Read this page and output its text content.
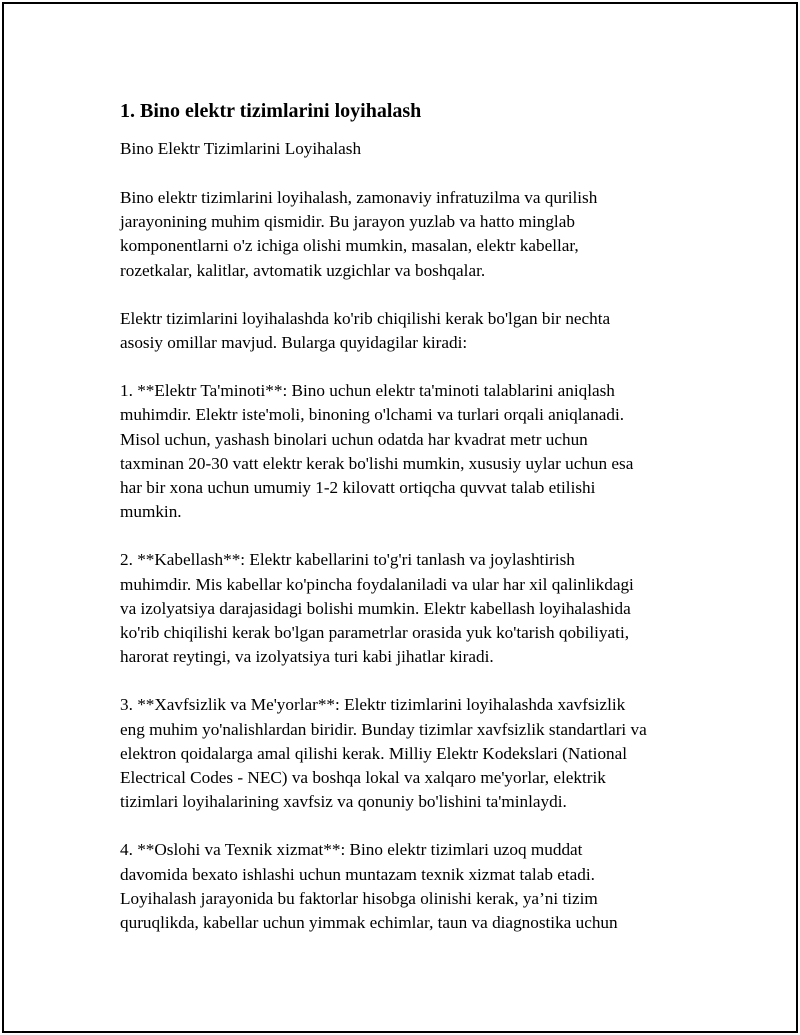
1. Bino elektr tizimlarini loyihalash
Bino Elektr Tizimlarini Loyihalash

Bino elektr tizimlarini loyihalash, zamonaviy infratuzilma va qurilish
jarayonining muhim qismidir. Bu jarayon yuzlab va hatto minglab
komponentlarni o'z ichiga olishi mumkin, masalan, elektr kabellar,
rozetkalar, kalitlar, avtomatik uzgichlar va boshqalar.

Elektr tizimlarini loyihalashda ko'rib chiqilishi kerak bo'lgan bir nechta
asosiy omillar mavjud. Bularga quyidagilar kiradi:

1. **Elektr Ta'minoti**: Bino uchun elektr ta'minoti talablarini aniqlash
muhimdir. Elektr iste'moli, binoning o'lchami va turlari orqali aniqlanadi.
Misol uchun, yashash binolari uchun odatda har kvadrat metr uchun
taxminan 20-30 vatt elektr kerak bo'lishi mumkin, xususiy uylar uchun esa
har bir xona uchun umumiy 1-2 kilovatt ortiqcha quvvat talab etilishi
mumkin.

2. **Kabellash**: Elektr kabellarini to'g'ri tanlash va joylashtirish
muhimdir. Mis kabellar ko'pincha foydalaniladi va ular har xil qalinlikdagi
va izolyatsiya darajasidagi bolishi mumkin. Elektr kabellash loyihalashida
ko'rib chiqilishi kerak bo'lgan parametrlar orasida yuk ko'tarish qobiliyati,
harorat reytingi, va izolyatsiya turi kabi jihatlar kiradi.

3. **Xavfsizlik va Me'yorlar**: Elektr tizimlarini loyihalashda xavfsizlik
eng muhim yo'nalishlardan biridir. Bunday tizimlar xavfsizlik standartlari va
elektron qoidalarga amal qilishi kerak. Milliy Elektr Kodekslari (National
Electrical Codes - NEC) va boshqa lokal va xalqaro me'yorlar, elektrik
tizimlari loyihalarining xavfsiz va qonuniy bo'lishini ta'minlaydi.

4. **Oslohi va Texnik xizmat**: Bino elektr tizimlari uzoq muddat
davomida bexato ishlashi uchun muntazam texnik xizmat talab etadi.
Loyihalash jarayonida bu faktorlar hisobga olinishi kerak, ya’ni tizim
quruqlikda, kabellar uchun yimmak echimlar, taun va diagnostika uchun
